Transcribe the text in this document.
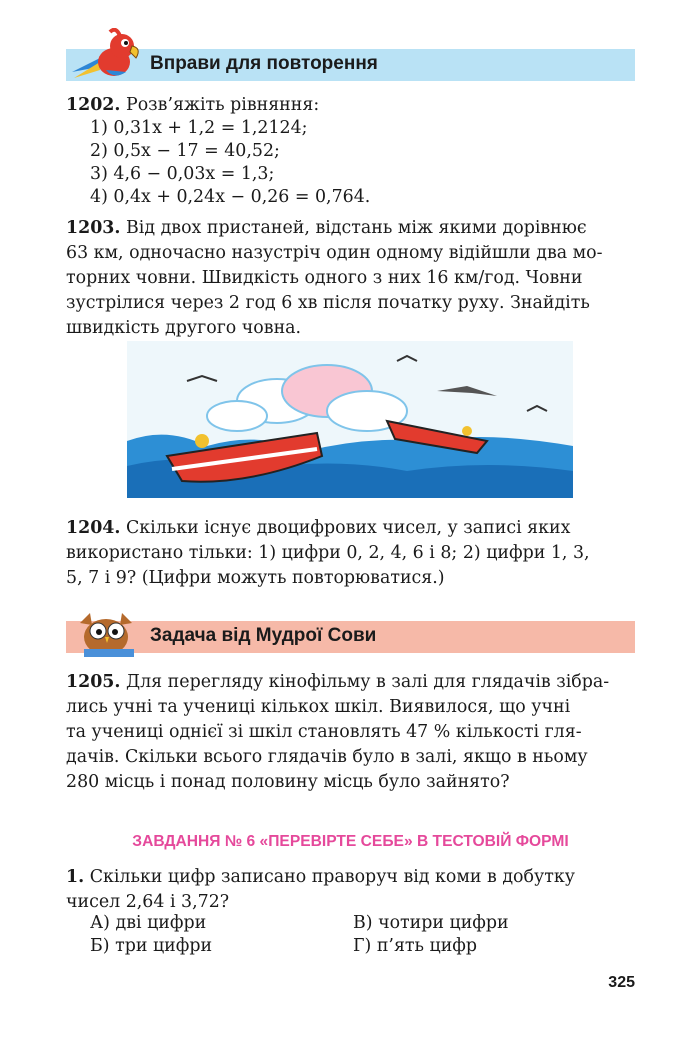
Вправи для повторення
1202. Розв’яжіть рівняння:
1) 0,31x + 1,2 = 1,2124;
2) 0,5x − 17 = 40,52;
3) 4,6 − 0,03x = 1,3;
4) 0,4x + 0,24x − 0,26 = 0,764.
1203. Від двох пристаней, відстань між якими дорівнює
63 км, одночасно назустріч один одному відійшли два мо-
торних човни. Швидкість одного з них 16 км/год. Човни
зустрілися через 2 год 6 хв після початку руху. Знайдіть
швидкість другого човна.
1204. Скільки існує двоцифрових чисел, у записі яких
використано тільки: 1) цифри 0, 2, 4, 6 і 8; 2) цифри 1, 3,
5, 7 і 9? (Цифри можуть повторюватися.)
Задача від Мудрої Сови
1205. Для перегляду кінофільму в залі для глядачів зібра-
лись учні та учениці кількох шкіл. Виявилося, що учні
та учениці однієї зі шкіл становлять 47 % кількості гля-
дачів. Скільки всього глядачів було в залі, якщо в ньому
280 місць і понад половину місць було зайнято?
ЗАВДАННЯ № 6 «ПЕРЕВІРТЕ СЕБЕ» В ТЕСТОВІЙ ФОРМІ
1. Скільки цифр записано праворуч від коми в добутку
чисел 2,64 і 3,72?
А) дві цифри
Б) три цифри
В) чотири цифри
Г) п’ять цифр
325
